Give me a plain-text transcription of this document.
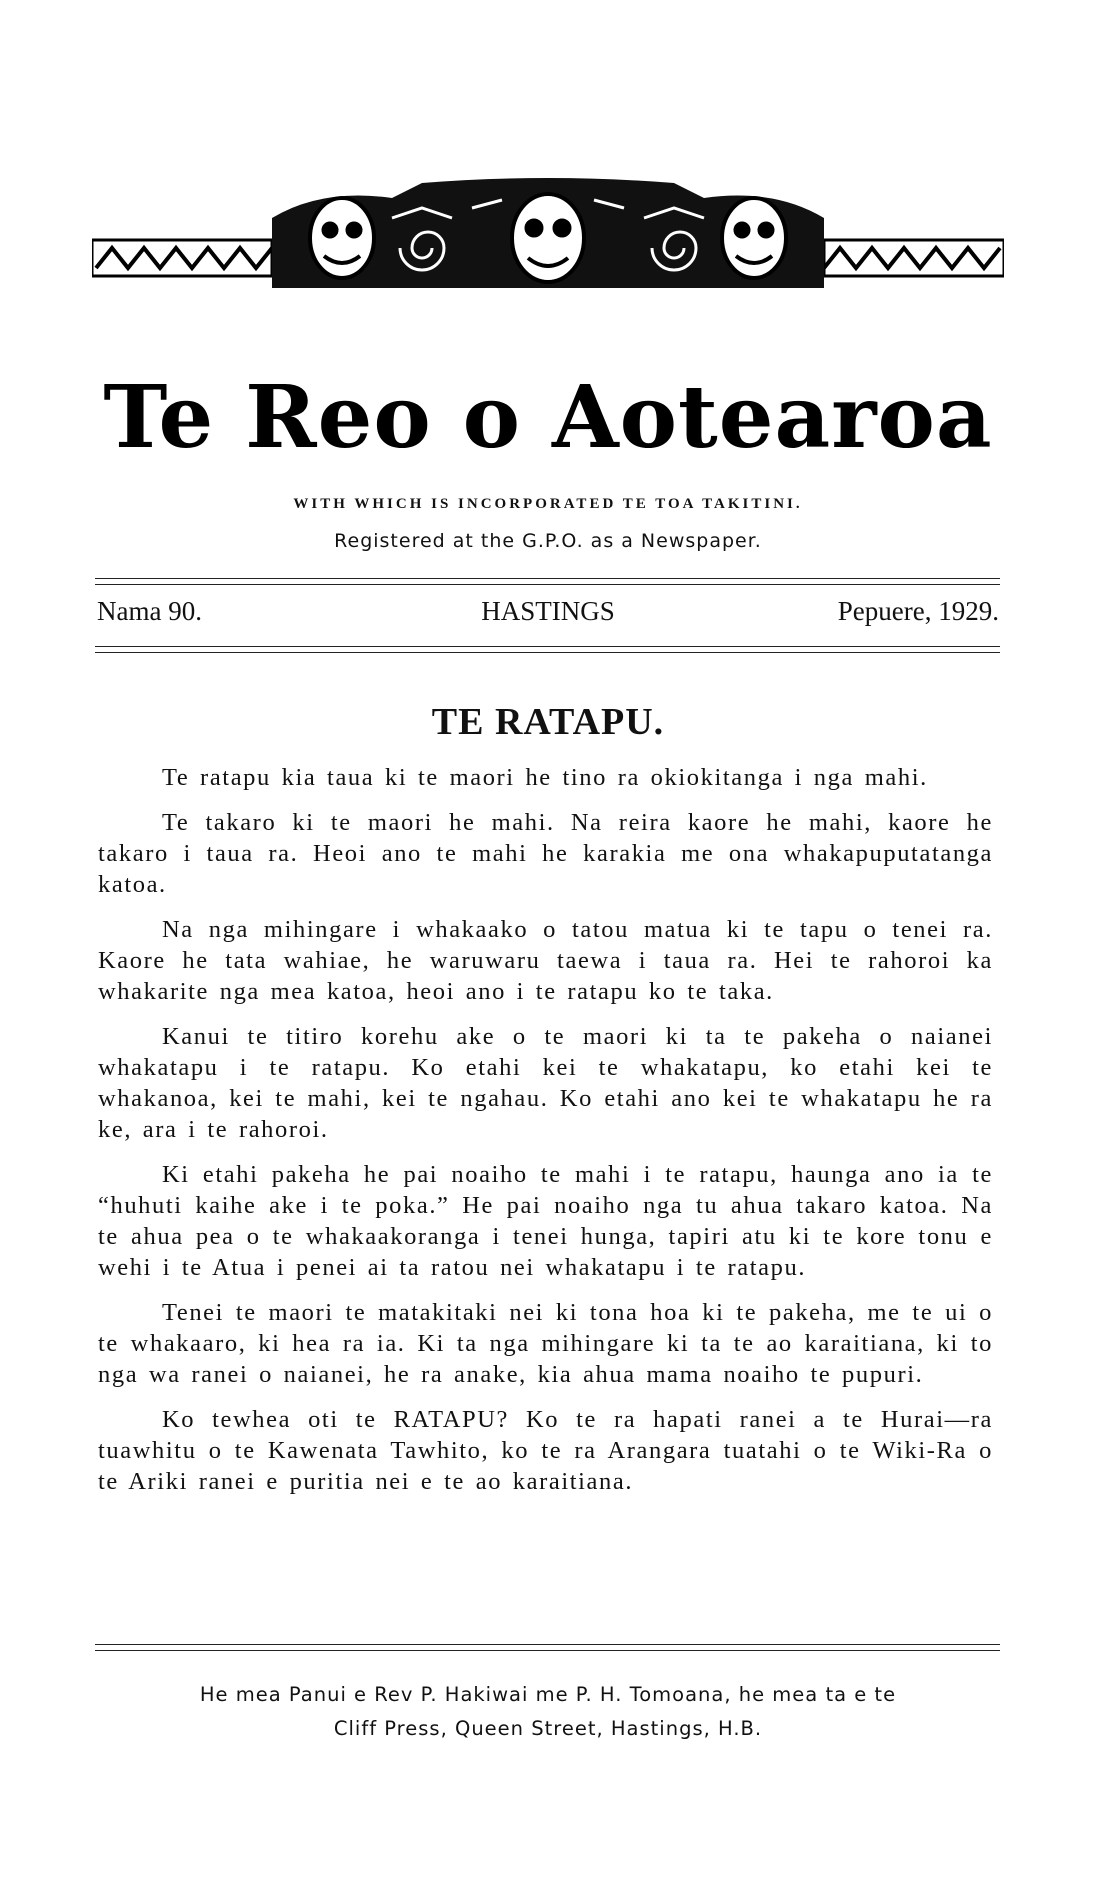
Te Reo o Aotearoa
WITH WHICH IS INCORPORATED TE TOA TAKITINI.
Registered at the G.P.O. as a Newspaper.
Nama 90.	HASTINGS	Pepuere, 1929.
TE RATAPU.

Te ratapu kia taua ki te maori he tino ra okiokitanga i nga mahi.

Te takaro ki te maori he mahi. Na reira kaore he mahi, kaore he takaro i taua ra. Heoi ano te mahi he karakia me ona whakapuputatanga katoa.

Na nga mihingare i whakaako o tatou matua ki te tapu o tenei ra. Kaore he tata wahiae, he waruwaru taewa i taua ra. Hei te rahoroi ka whakarite nga mea katoa, heoi ano i te ratapu ko te taka.

Kanui te titiro korehu ake o te maori ki ta te pakeha o naianei whakatapu i te ratapu. Ko etahi kei te whakatapu, ko etahi kei te whakanoa, kei te mahi, kei te ngahau. Ko etahi ano kei te whakatapu he ra ke, ara i te rahoroi.

Ki etahi pakeha he pai noaiho te mahi i te ratapu, haunga ano ia te “huhuti kaihe ake i te poka.” He pai noaiho nga tu ahua takaro katoa. Na te ahua pea o te whakaakoranga i tenei hunga, tapiri atu ki te kore tonu e wehi i te Atua i penei ai ta ratou nei whakatapu i te ratapu.

Tenei te maori te matakitaki nei ki tona hoa ki te pakeha, me te ui o te whakaaro, ki hea ra ia. Ki ta nga mihingare ki ta te ao karaitiana, ki to nga wa ranei o naianei, he ra anake, kia ahua mama noaiho te pupuri.

Ko tewhea oti te RATAPU? Ko te ra hapati ranei a te Hurai—ra tuawhitu o te Kawenata Tawhito, ko te ra Arangara tuatahi o te Wiki-Ra o te Ariki ranei e puritia nei e te ao karaitiana.

He mea Panui e Rev P. Hakiwai me P. H. Tomoana, he mea ta e te
Cliff Press, Queen Street, Hastings, H.B.
